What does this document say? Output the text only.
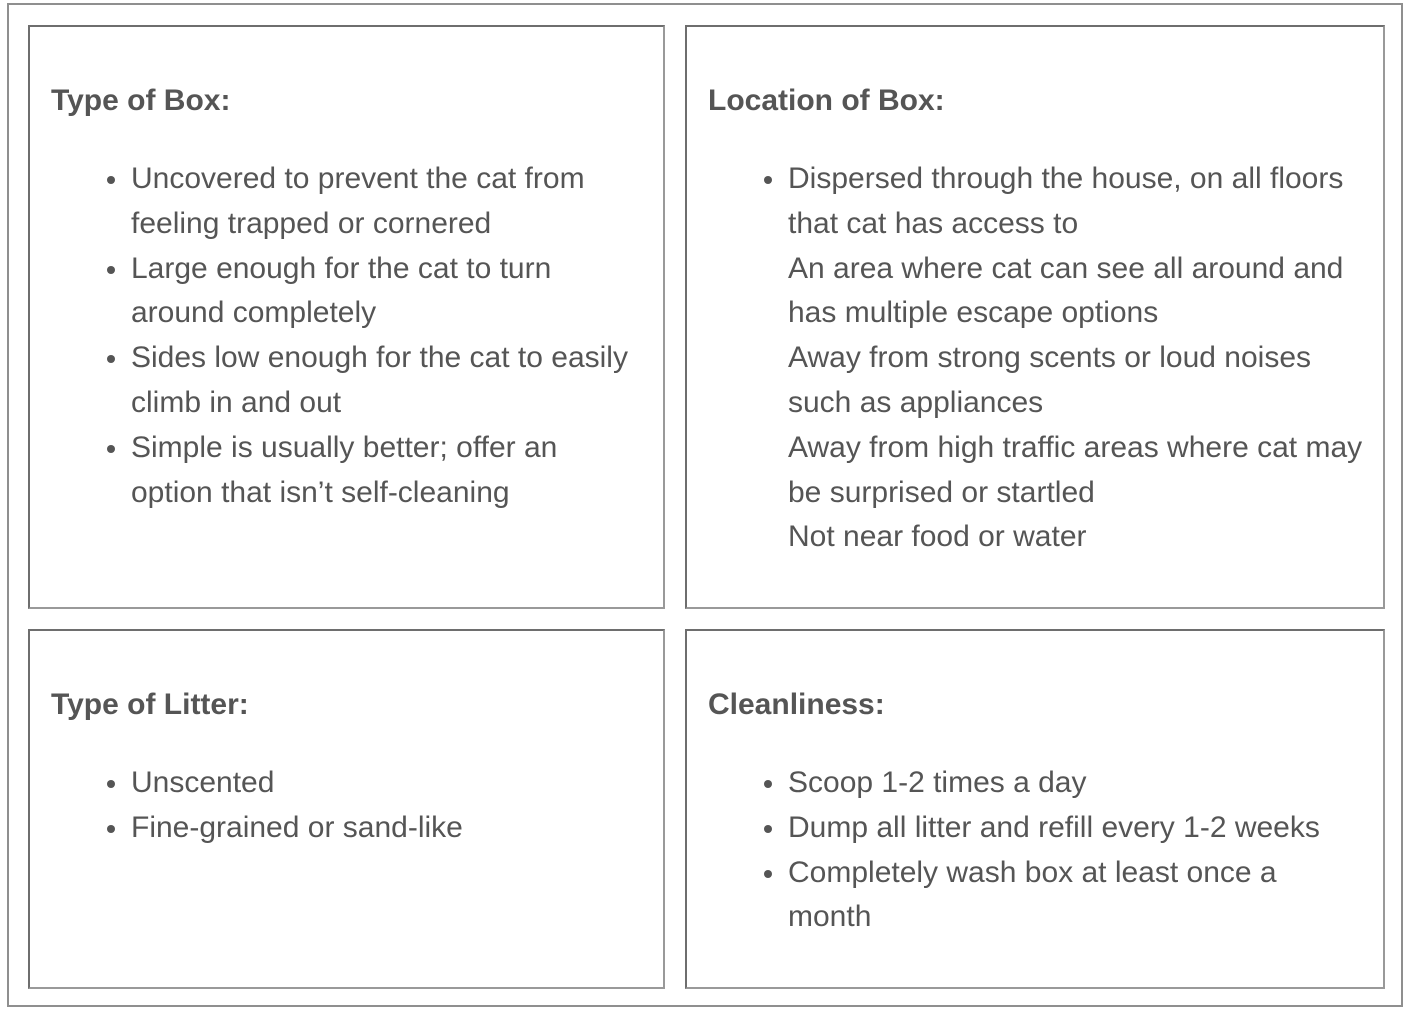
Type of Box:
Uncovered to prevent the cat from feeling trapped or cornered
Large enough for the cat to turn around completely
Sides low enough for the cat to easily climb in and out
Simple is usually better; offer an option that isn’t self-cleaning
Location of Box:
Dispersed through the house, on all floors that cat has access to
An area where cat can see all around and has multiple escape options
Away from strong scents or loud noises such as appliances
Away from high traffic areas where cat may be surprised or startled
Not near food or water
Type of Litter:
Unscented
Fine-grained or sand-like
Cleanliness:
Scoop 1-2 times a day
Dump all litter and refill every 1-2 weeks
Completely wash box at least once a month
